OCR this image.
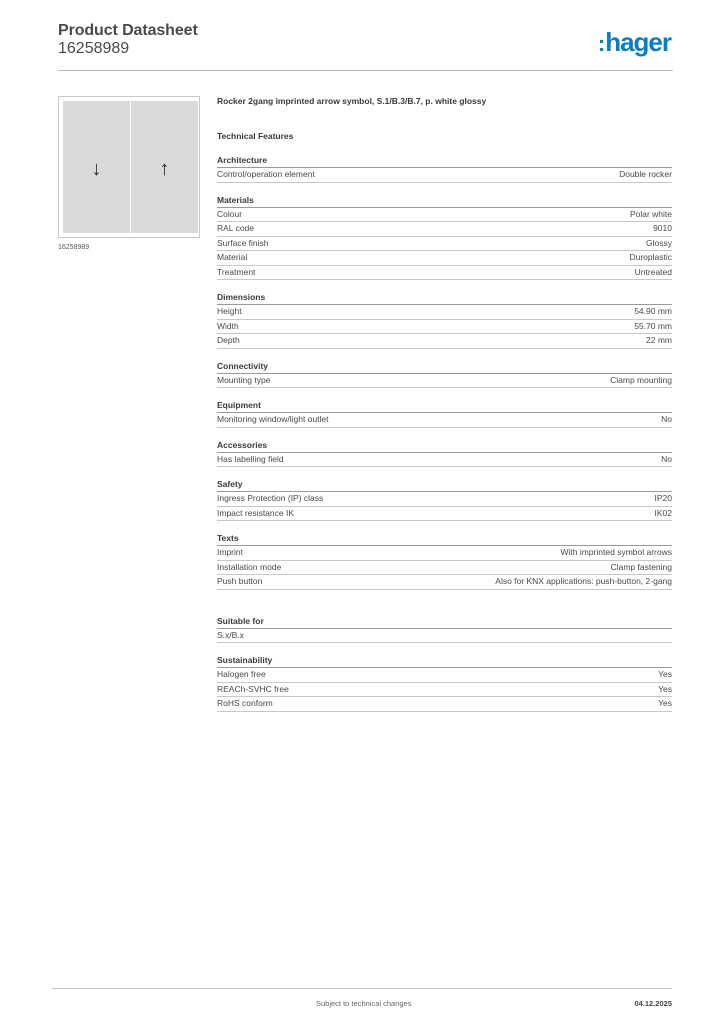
Product Datasheet
16258989	:hager
↓	↑
16258989
Rocker 2gang imprinted arrow symbol, S.1/B.3/B.7, p. white glossy
Technical Features
Architecture
Control/operation element	Double rocker
Materials
Colour	Polar white
RAL code	9010
Surface finish	Glossy
Material	Duroplastic
Treatment	Untreated
Dimensions
Height	54.90 mm
Width	55.70 mm
Depth	22 mm
Connectivity
Mounting type	Clamp mounting
Equipment
Monitoring window/light outlet	No
Accessories
Has labelling field	No
Safety
Ingress Protection (IP) class	IP20
Impact resistance IK	IK02
Texts
Imprint	With imprinted symbol arrows
Installation mode	Clamp fastening
Push button	Also for KNX applications: push-button, 2-gang
Suitable for
S.x/B.x
Sustainability
Halogen free	Yes
REACh-SVHC free	Yes
RoHS conform	Yes
Subject to technical changes	04.12.2025
